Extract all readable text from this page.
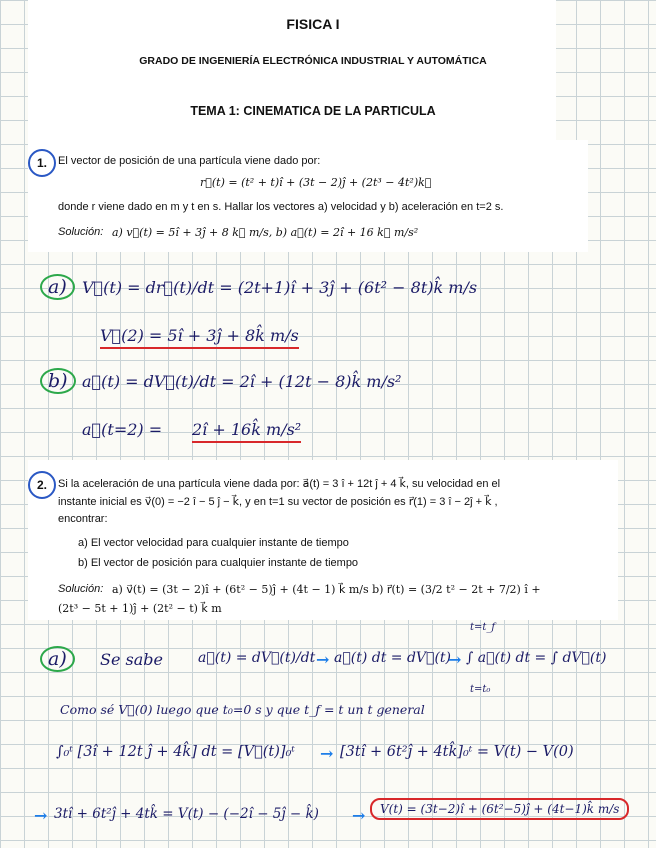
FISICA I
GRADO DE INGENIERÍA ELECTRÓNICA INDUSTRIAL Y AUTOMÁTICA
TEMA 1: CINEMATICA DE LA PARTICULA
1.	El vector de posición de una partícula viene dado por:
r⃗(t) = (t² + t)î + (3t − 2)ĵ + (2t³ − 4t²)k⃗
donde r viene dado en m y t en s. Hallar los vectores a) velocidad y b) aceleración en t=2 s.
Solución: a) v⃗(t) = 5î + 3ĵ + 8 k⃗ m/s, b) a⃗(t) = 2î + 16 k⃗ m/s²
a) V⃗(t) = dr⃗(t)/dt = (2t+1)î + 3ĵ + (6t² − 8t)k̂ m/s
V⃗(2) = 5î + 3ĵ + 8k̂ m/s
b) a⃗(t) = dV⃗(t)/dt = 2î + (12t − 8)k̂ m/s²
a⃗(t=2) = 2î + 16k̂ m/s²
2.	Si la aceleración de una partícula viene dada por: a⃗(t) = 3 î + 12t ĵ + 4 k⃗, su velocidad en el
instante inicial es v⃗(0) = −2 î − 5 ĵ − k⃗, y en t=1 su vector de posición es r⃗(1) = 3 î − 2ĵ + k⃗ ,
encontrar:
a) El vector velocidad para cualquier instante de tiempo
b) El vector de posición para cualquier instante de tiempo
Solución: a) v⃗(t) = (3t − 2)î + (6t² − 5)ĵ + (4t − 1) k⃗ m/s b) r⃗(t) = (3/2 t² − 2t + 7/2) î +
(2t³ − 5t + 1)ĵ + (2t² − t) k⃗ m
a)	Se sabe	a⃗(t) = dV⃗(t)/dt → a⃗(t) dt = dV⃗(t)
→ ∫ a⃗(t) dt = ∫ dV⃗(t)
t=t_f
t=t₀
Como sé V⃗(0) luego que t₀=0 s y que t_f = t un t general
∫₀ᵗ [3î + 12t ĵ + 4k̂] dt = [V⃗(t)]₀ᵗ → [3tî + 6t²ĵ + 4tk̂]₀ᵗ = V(t) − V(0)
→ 3tî + 6t²ĵ + 4tk̂ = V(t) − (−2î − 5ĵ − k̂) →	V(t) = (3t−2)î + (6t²−5)ĵ + (4t−1)k̂ m/s
